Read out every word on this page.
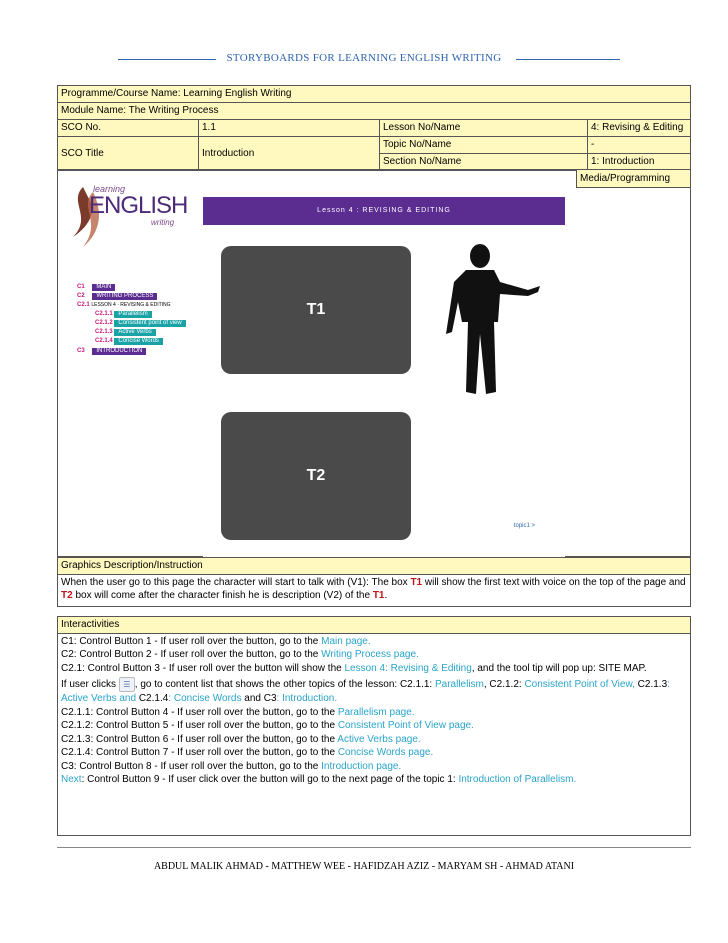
STORYBOARDS FOR LEARNING ENGLISH WRITING
Programme/Course Name: Learning English Writing			
Module Name: The Writing Process			
SCO No.	1.1	Lesson No/Name	4: Revising & Editing
SCO Title	Introduction	Topic No/Name	-
		Section No/Name	1: Introduction
Media/Programming
learning
ENGLISH
writing
C1 MAIN
C2 WRITING PROCESS
C2.1 LESSON 4 · REVISING & EDITING
C2.1.1 Parallelism
C2.1.2 Consistent point of view
C2.1.3 Active Verbs
C2.1.4 Concise Words
C3 INTRODUCTION
Lesson 4 : REVISING & EDITING
T1
T2
topic1 >
Graphics Description/Instruction
When the user go to this page the character will start to talk with (V1): The box T1 will show the first text with voice on the top of the page and T2 box will come after the character finish he is description (V2) of the T1.
Interactivities
C1: Control Button 1 - If user roll over the button, go to the Main page.
C2: Control Button 2 - If user roll over the button, go to the Writing Process page.
C2.1: Control Button 3 - If user roll over the button will show the Lesson 4: Revising & Editing, and the tool tip will pop up: SITE MAP.
If user clicks ☰ , go to content list that shows the other topics of the lesson: C2.1.1: Parallelism, C2.1.2: Consistent Point of View, C2.1.3: Active Verbs and C2.1.4: Concise Words and C3: Introduction.
C2.1.1: Control Button 4 - If user roll over the button, go to the Parallelism page.
C2.1.2: Control Button 5 - If user roll over the button, go to the Consistent Point of View page.
C2.1.3: Control Button 6 - If user roll over the button, go to the Active Verbs page.
C2.1.4: Control Button 7 - If user roll over the button, go to the Concise Words page.
C3: Control Button 8 - If user roll over the button, go to the Introduction page.
Next: Control Button 9 - If user click over the button will go to the next page of the topic 1: Introduction of Parallelism.
ABDUL MALIK AHMAD - MATTHEW WEE - HAFIDZAH AZIZ - MARYAM SH - AHMAD ATANI
